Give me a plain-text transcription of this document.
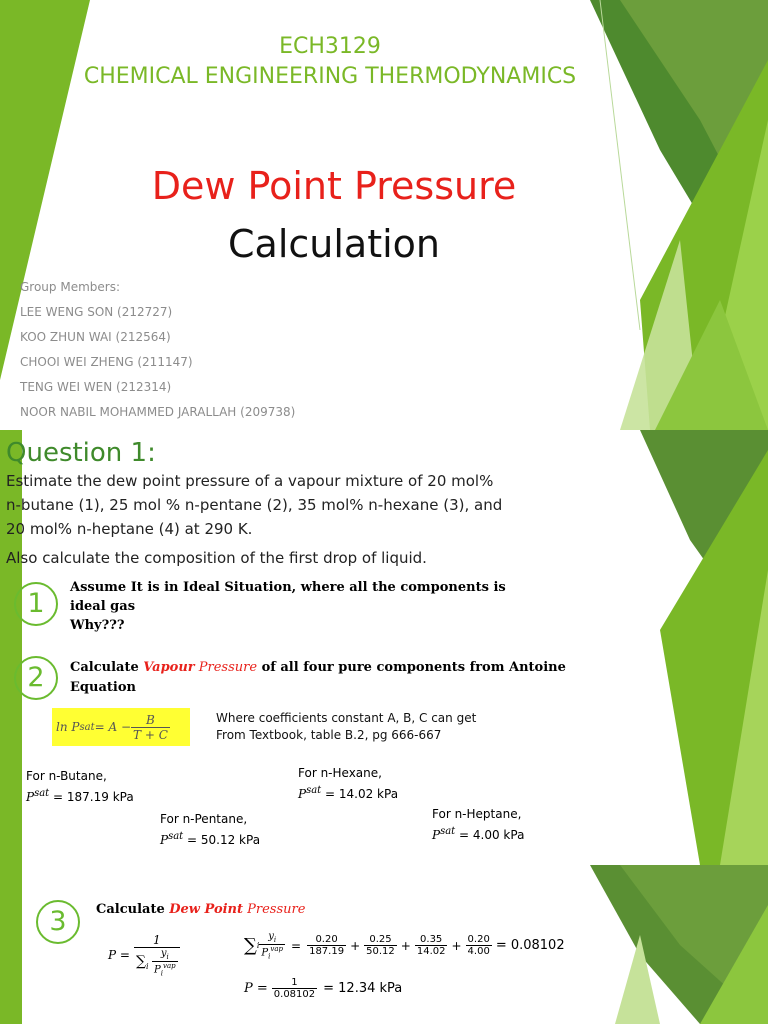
ECH3129
CHEMICAL ENGINEERING THERMODYNAMICS
Dew Point Pressure
Calculation
Group Members:
LEE WENG SON (212727)
KOO ZHUN WAI (212564)
CHOOI WEI ZHENG (211147)
TENG WEI WEN (212314)
NOOR NABIL MOHAMMED JARALLAH (209738)
Question 1:
Estimate the dew point pressure of a vapour mixture of 20 mol%
n-butane (1), 25 mol % n-pentane (2), 35 mol% n-hexane (3), and
20 mol% n-heptane (4) at 290 K.
Also calculate the composition of the first drop of liquid.
1
Assume It is in Ideal Situation, where all the components is
ideal gas
Why???
2	Calculate Vapour Pressure of all four pure components from Antoine
Equation
ln P sat = $A - \frac{B}{T + C}$	Where coefficients constant A, B, C can get
From Textbook, table B.2, pg 666-667
For n-Butane,
$P^{sat} = 187.19$ kPa
For n-Hexane,
$P^{sat} = 14.02$ kPa
For n-Pentane,
$P^{sat} = 50.12$ kPa
For n-Heptane,
$P^{sat} = 4.00$ kPa
3	Calculate Dew Point Pressure
$P = \frac{1}{\sum_i \frac{y_i}{P_i^{vap}}}$	∑ i $\frac{y_i}{P_i^{vap}} = \frac{0.20}{187.19} + \frac{0.25}{50.12} + \frac{0.35}{14.02} + \frac{0.20}{4.00} = 0.08102$
$P = \frac{1}{0.08102} = 12.34$ kPa
